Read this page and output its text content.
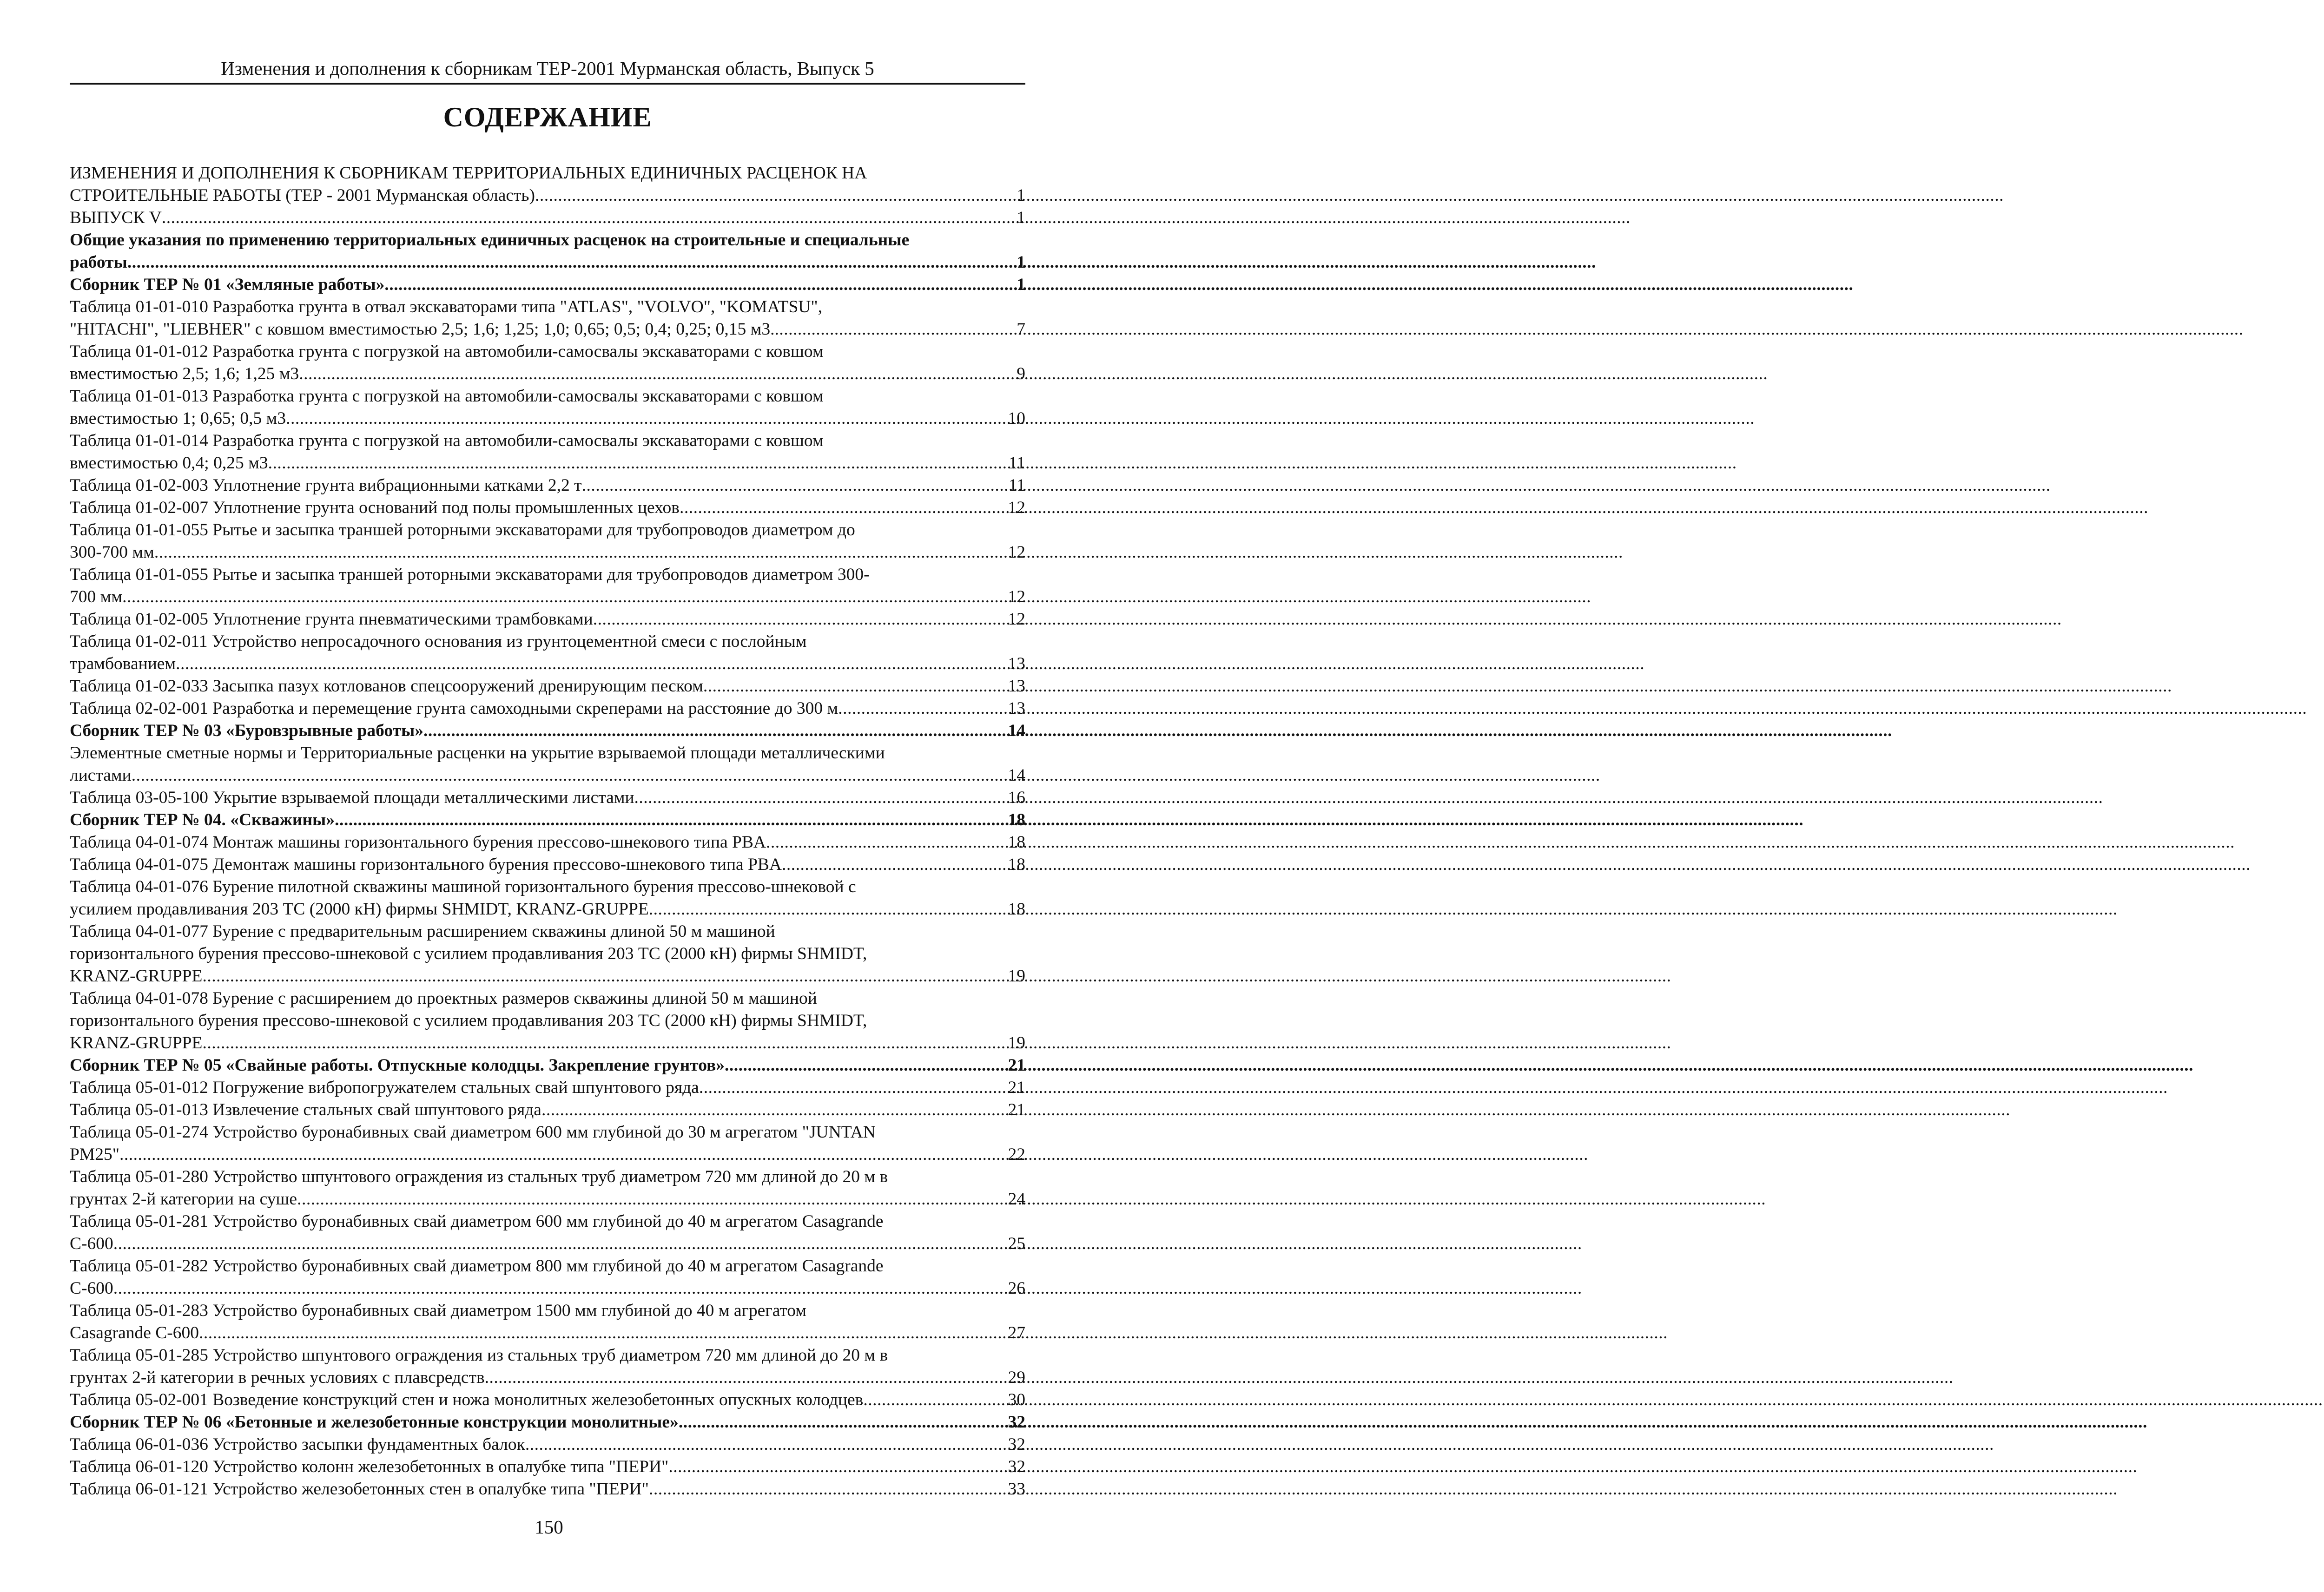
Изменения и дополнения к сборникам ТЕР-2001 Мурманская область, Выпуск 5
СОДЕРЖАНИЕ
ИЗМЕНЕНИЯ И ДОПОЛНЕНИЯ К СБОРНИКАМ ТЕРРИТОРИАЛЬНЫХ ЕДИНИЧНЫХ РАСЦЕНОК НА
СТРОИТЕЛЬНЫЕ РАБОТЫ (ТЕР - 2001 Мурманская область) .....	1
ВЫПУСК V .....	1
Общие указания по применению территориальных единичных расценок на строительные и специальные
работы .....	1
Сборник ТЕР № 01 «Земляные работы» .....	1
Таблица 01-01-010 Разработка грунта в отвал экскаваторами типа "ATLAS", "VOLVO", "KOMATSU",
"HITACHI", "LIEBHER" с ковшом вместимостью 2,5; 1,6; 1,25; 1,0; 0,65; 0,5; 0,4; 0,25; 0,15 м3. .....	7
Таблица 01-01-012 Разработка грунта с погрузкой на автомобили-самосвалы экскаваторами с ковшом
вместимостью 2,5; 1,6; 1,25 м3 .....	9
Таблица 01-01-013 Разработка грунта с погрузкой на автомобили-самосвалы экскаваторами с ковшом
вместимостью 1; 0,65; 0,5 м3 .....	10
Таблица 01-01-014 Разработка грунта с погрузкой на автомобили-самосвалы экскаваторами с ковшом
вместимостью 0,4; 0,25 м3 .....	11
Таблица 01-02-003 Уплотнение грунта вибрационными катками 2,2 т .....	11
Таблица 01-02-007 Уплотнение грунта оснований под полы промышленных цехов .....	12
Таблица 01-01-055 Рытье и засыпка траншей роторными экскаваторами для трубопроводов диаметром до
300-700 мм .....	12
Таблица 01-01-055 Рытье и засыпка траншей роторными экскаваторами для трубопроводов диаметром 300-
700 мм .....	12
Таблица 01-02-005 Уплотнение грунта пневматическими трамбовками .....	12
Таблица 01-02-011 Устройство непросадочного основания из грунтоцементной смеси с послойным
трамбованием .....	13
Таблица 01-02-033 Засыпка пазух котлованов спецсооружений дренирующим песком .....	13
Таблица 02-02-001 Разработка и перемещение грунта самоходными скреперами на расстояние до 300 м .....	13
Сборник ТЕР № 03 «Буровзрывные работы» .....	14
Элементные сметные нормы и Территориальные расценки на укрытие взрываемой площади металлическими
листами .....	14
Таблица 03-05-100 Укрытие взрываемой площади металлическими листами .....	16
Сборник ТЕР № 04. «Скважины» .....	18
Таблица 04-01-074 Монтаж машины горизонтального бурения прессово-шнекового типа PBA .....	18
Таблица 04-01-075 Демонтаж машины горизонтального бурения прессово-шнекового типа PBA .....	18
Таблица 04-01-076 Бурение пилотной скважины машиной горизонтального бурения прессово-шнековой с
усилием продавливания 203 ТС (2000 кН) фирмы SHMIDT, KRANZ-GRUPPE .....	18
Таблица 04-01-077 Бурение с предварительным расширением скважины длиной 50 м машиной
горизонтального бурения прессово-шнековой с усилием продавливания 203 ТС (2000 кН) фирмы SHMIDT,
KRANZ-GRUPPE .....	19
Таблица 04-01-078 Бурение с расширением до проектных размеров скважины длиной 50 м машиной
горизонтального бурения прессово-шнековой с усилием продавливания 203 ТС (2000 кН) фирмы SHMIDT,
KRANZ-GRUPPE .....	19
Сборник ТЕР № 05 «Свайные работы. Отпускные колодцы. Закрепление грунтов» .....	21
Таблица 05-01-012 Погружение вибропогружателем стальных свай шпунтового ряда .....	21
Таблица 05-01-013 Извлечение стальных свай шпунтового ряда .....	21
Таблица 05-01-274 Устройство буронабивных свай диаметром 600 мм глубиной до 30 м агрегатом "JUNTAN
PM25" .....	22
Таблица 05-01-280 Устройство шпунтового ограждения из стальных труб диаметром 720 мм длиной до 20 м в
грунтах 2-й категории на суше .....	24
Таблица 05-01-281 Устройство буронабивных свай диаметром 600 мм глубиной до 40 м агрегатом Casagrande
C-600 .....	25
Таблица 05-01-282 Устройство буронабивных свай диаметром 800 мм глубиной до 40 м агрегатом Casagrande
C-600 .....	26
Таблица 05-01-283 Устройство буронабивных свай диаметром 1500 мм глубиной до 40 м агрегатом
Casagrande C-600 .....	27
Таблица 05-01-285 Устройство шпунтового ограждения из стальных труб диаметром 720 мм длиной до 20 м в
грунтах 2-й категории в речных условиях с плавсредств .....	29
Таблица 05-02-001 Возведение конструкций стен и ножа монолитных железобетонных опускных колодцев .....	30
Сборник ТЕР № 06 «Бетонные и железобетонные конструкции монолитные» .....	32
Таблица 06-01-036 Устройство засыпки фундаментных балок .....	32
Таблица 06-01-120 Устройство колонн железобетонных в опалубке типа "ПЕРИ" .....	32
Таблица 06-01-121 Устройство железобетонных стен в опалубке типа "ПЕРИ" .....	33
150
